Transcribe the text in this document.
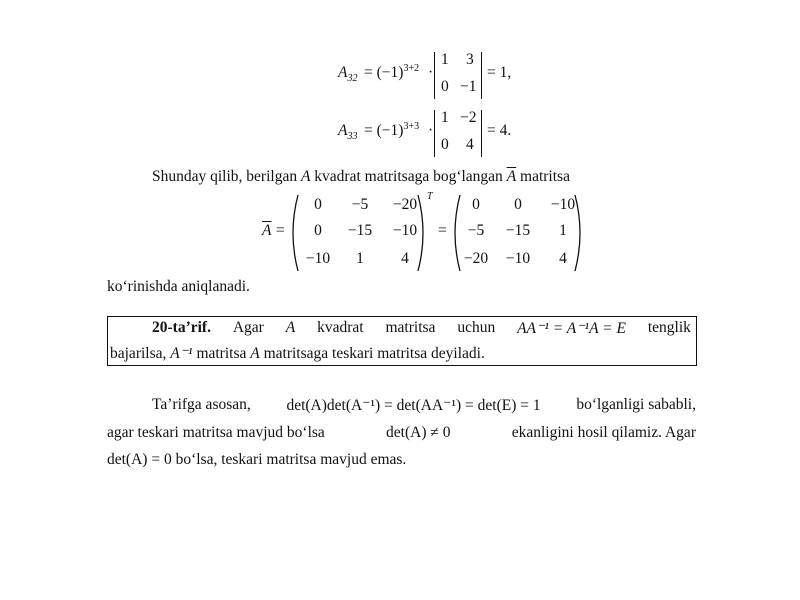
$A_{32} = (-1)^{3+2}$ ·
1 3
0 −1
= 1,
$A_{33} = (-1)^{3+3}$ ·
1 −2
0 4
= 4.
Shunday qilib, berilgan A kvadrat matritsaga bog‘langan $\overline{A}$ matritsa
$\overline{A}$ =
0	−5	−20
0	−15	−10
−10	1	4
T
=
0	0	−10
−5	−15	1
−20	−10	4
ko‘rinishda aniqlanadi.
20-ta’rif. Agar A kvadrat matritsa uchun AA⁻¹ = A⁻¹A = E tenglik
bajarilsa, A⁻¹ matritsa A matritsaga teskari matritsa deyiladi.
Ta’rifga asosan, det(A)det(A⁻¹) = det(AA⁻¹) = det(E) = 1 bo‘lganligi sababli,
agar teskari matritsa mavjud bo‘lsa	det(A) ≠ 0	ekanligini hosil qilamiz. Agar
det(A) = 0 bo‘lsa, teskari matritsa mavjud emas.
